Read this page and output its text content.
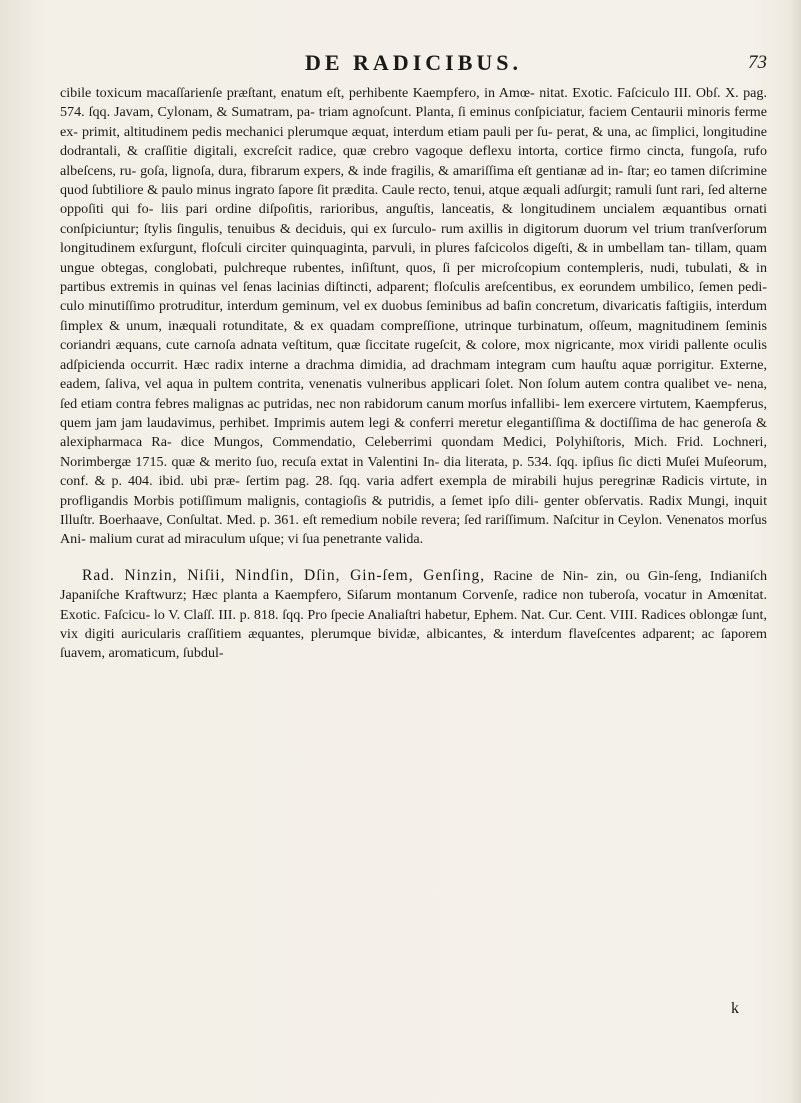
DE RADICIBUS.	73
cibile toxicum macaſſarienſe præſtant, enatum eſt, perhibente Kaempfero, in Amœ- nitat. Exotic. Faſciculo III. Obſ. X. pag. 574. ſqq. Javam, Cylonam, & Sumatram, pa- triam agnoſcunt. Planta, ſi eminus conſpiciatur, faciem Centaurii minoris ferme ex- primit, altitudinem pedis mechanici plerumque æquat, interdum etiam pauli per ſu- perat, & una, ac ſimplici, longitudine dodrantali, & craſſitie digitali, excreſcit radice, quæ crebro vagoque deflexu intorta, cortice firmo cincta, fungoſa, rufo albeſcens, ru- goſa, lignoſa, dura, fibrarum expers, & inde fragilis, & amariſſima eſt gentianæ ad in- ſtar; eo tamen diſcrimine quod ſubtiliore & paulo minus ingrato ſapore ſit prædita. Caule recto, tenui, atque æquali adſurgit; ramuli ſunt rari, ſed alterne oppoſiti qui fo- liis pari ordine diſpoſitis, rarioribus, anguſtis, lanceatis, & longitudinem uncialem æquantibus ornati conſpiciuntur; ſtylis ſingulis, tenuibus & deciduis, qui ex ſurculo- rum axillis in digitorum duorum vel trium tranſverſorum longitudinem exſurgunt, floſculi circiter quinquaginta, parvuli, in plures faſcicolos digeſti, & in umbellam tan- tillam, quam ungue obtegas, conglobati, pulchreque rubentes, inſiſtunt, quos, ſi per microſcopium contempleris, nudi, tubulati, & in partibus extremis in quinas vel ſenas lacinias diſtincti, adparent; floſculis areſcentibus, ex eorundem umbilico, ſemen pedi- culo minutiſſimo protruditur, interdum geminum, vel ex duobus ſeminibus ad baſin concretum, divaricatis faſtigiis, interdum ſimplex & unum, inæquali rotunditate, & ex quadam compreſſione, utrinque turbinatum, oſſeum, magnitudinem ſeminis coriandri æquans, cute carnoſa adnata veſtitum, quæ ſiccitate rugeſcit, & colore, mox nigricante, mox viridi pallente oculis adſpicienda occurrit. Hæc radix interne a drachma dimidia, ad drachmam integram cum hauſtu aquæ porrigitur. Externe, eadem, ſaliva, vel aqua in pultem contrita, venenatis vulneribus applicari ſolet. Non ſolum autem contra qualibet ve- nena, ſed etiam contra febres malignas ac putridas, nec non rabidorum canum morſus infallibi- lem exercere virtutem, Kaempferus, quem jam jam laudavimus, perhibet. Imprimis autem legi & conferri meretur elegantiſſima & doctiſſima de hac generoſa & alexipharmaca Ra- dice Mungos, Commendatio, Celeberrimi quondam Medici, Polyhiſtoris, Mich. Frid. Lochneri, Norimbergæ 1715. quæ & merito ſuo, recuſa extat in Valentini In- dia literata, p. 534. ſqq. ipſius ſic dicti Muſei Muſeorum, conf. & p. 404. ibid. ubi præ- ſertim pag. 28. ſqq. varia adfert exempla de mirabili hujus peregrinæ Radicis virtute, in profligandis Morbis potiſſimum malignis, contagioſis & putridis, a ſemet ipſo dili- genter obſervatis. Radix Mungi, inquit Illuſtr. Boerhaave, Conſultat. Med. p. 361. eſt remedium nobile revera; ſed rariſſimum. Naſcitur in Ceylon. Venenatos morſus Ani- malium curat ad miraculum uſque; vi ſua penetrante valida.

Rad. Ninzin, Niſii, Nindſin, Dſin, Gin-ſem, Genſing, Racine de Nin- zin, ou Gin-ſeng, Indianiſch Japaniſche Kraftwurz; Hæc planta a Kaempfero, Siſarum montanum Corvenſe, radice non tuberoſa, vocatur in Amœnitat. Exotic. Faſcicu- lo V. Claſſ. III. p. 818. ſqq. Pro ſpecie Analiaſtri habetur, Ephem. Nat. Cur. Cent. VIII. Radices oblongæ ſunt, vix digiti auricularis craſſitiem æquantes, plerumque bividæ, albicantes, & interdum flaveſcentes adparent; ac ſaporem ſuavem, aromaticum, ſubdul-

k
